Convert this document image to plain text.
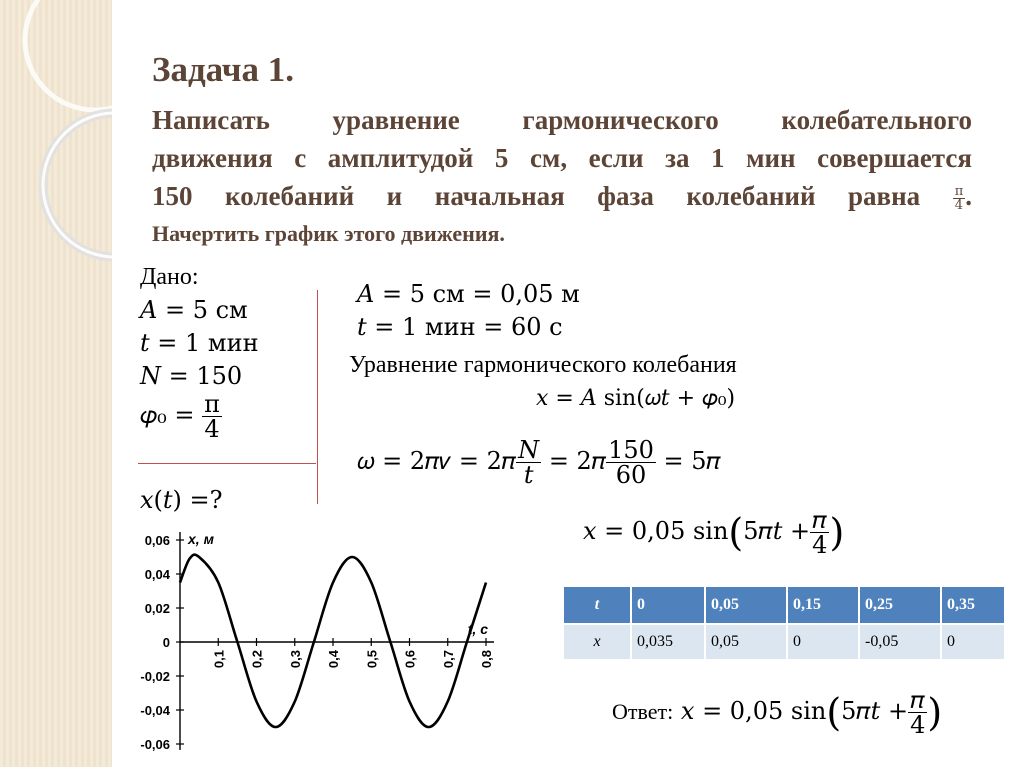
Задача 1.
Написать уравнение гармонического колебательного
движения с амплитудой 5 см, если за 1 мин совершается
150 колебаний и начальная фаза колебаний равна	$\frac{\pi}{4}$ .
Начертить график этого движения.
Дано:
𝐴 = 5 см
𝑡 = 1 мин
𝑁 = 150
𝜑₀ = $\frac{\pi}{4}$
𝑥(𝑡) =?
𝐴 = 5 см = 0,05 м
𝑡 = 1 мин = 60 с
Уравнение гармонического колебания
𝑥 = 𝐴 sin(𝜔𝑡 + 𝜑₀)
𝜔 = 2𝜋𝜈 = 2𝜋 $\frac{\text{𝑁}}{\text{𝑡}}$ = 2𝜋 $\frac{150}{60}$ = 5𝜋
𝑥 = 0,05 sin(5𝜋𝑡 + $\frac{\text{𝜋}}{4}$ )
t	0	0,05	0,15	0,25	0,35
x	0,035	0,05	0	-0,05	0
Ответ: 𝑥 = 0,05 sin(5𝜋𝑡 + $\frac{\text{𝜋}}{4}$ )
0,06
0,04
0,02
0
-0,02
-0,04
-0,06
0,1 0,2 0,3 0,4 0,5 0,6 0,7 0,8
x, м
t, c
